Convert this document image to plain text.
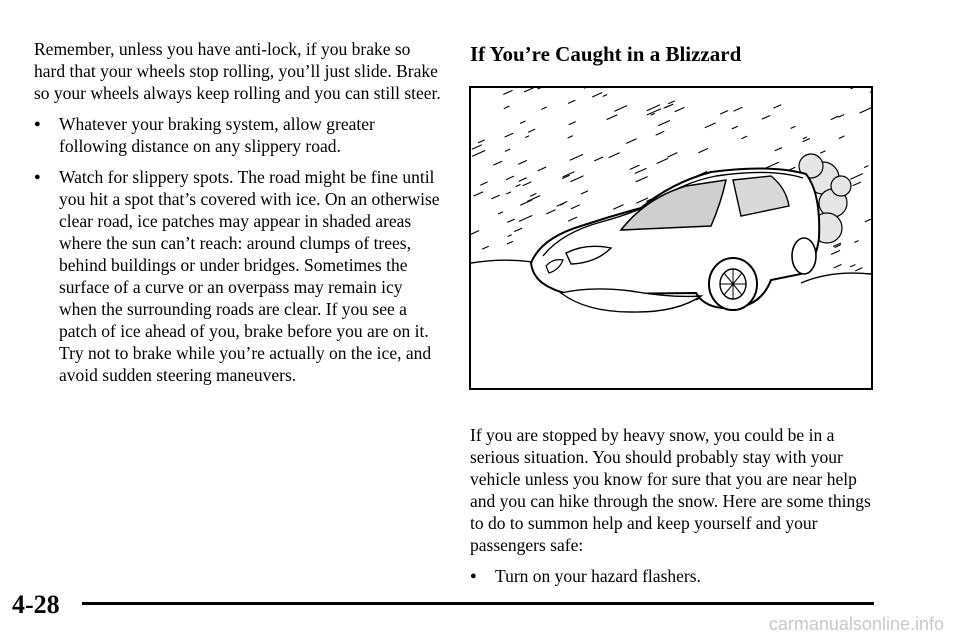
Remember, unless you have anti-lock, if you brake so hard that your wheels stop rolling, you’ll just slide. Brake so your wheels always keep rolling and you can still steer.

●	Whatever your braking system, allow greater following distance on any slippery road.
●	Watch for slippery spots. The road might be fine until you hit a spot that’s covered with ice. On an otherwise clear road, ice patches may appear in shaded areas where the sun can’t reach: around clumps of trees, behind buildings or under bridges. Sometimes the surface of a curve or an overpass may remain icy when the surrounding roads are clear. If you see a patch of ice ahead of you, brake before you are on it. Try not to brake while you’re actually on the ice, and avoid sudden steering maneuvers.
If You’re Caught in a Blizzard

If you are stopped by heavy snow, you could be in a serious situation. You should probably stay with your vehicle unless you know for sure that you are near help and you can hike through the snow. Here are some things to do to summon help and keep yourself and your passengers safe:

●	Turn on your hazard flashers.
4-28
carmanualsonline.info
